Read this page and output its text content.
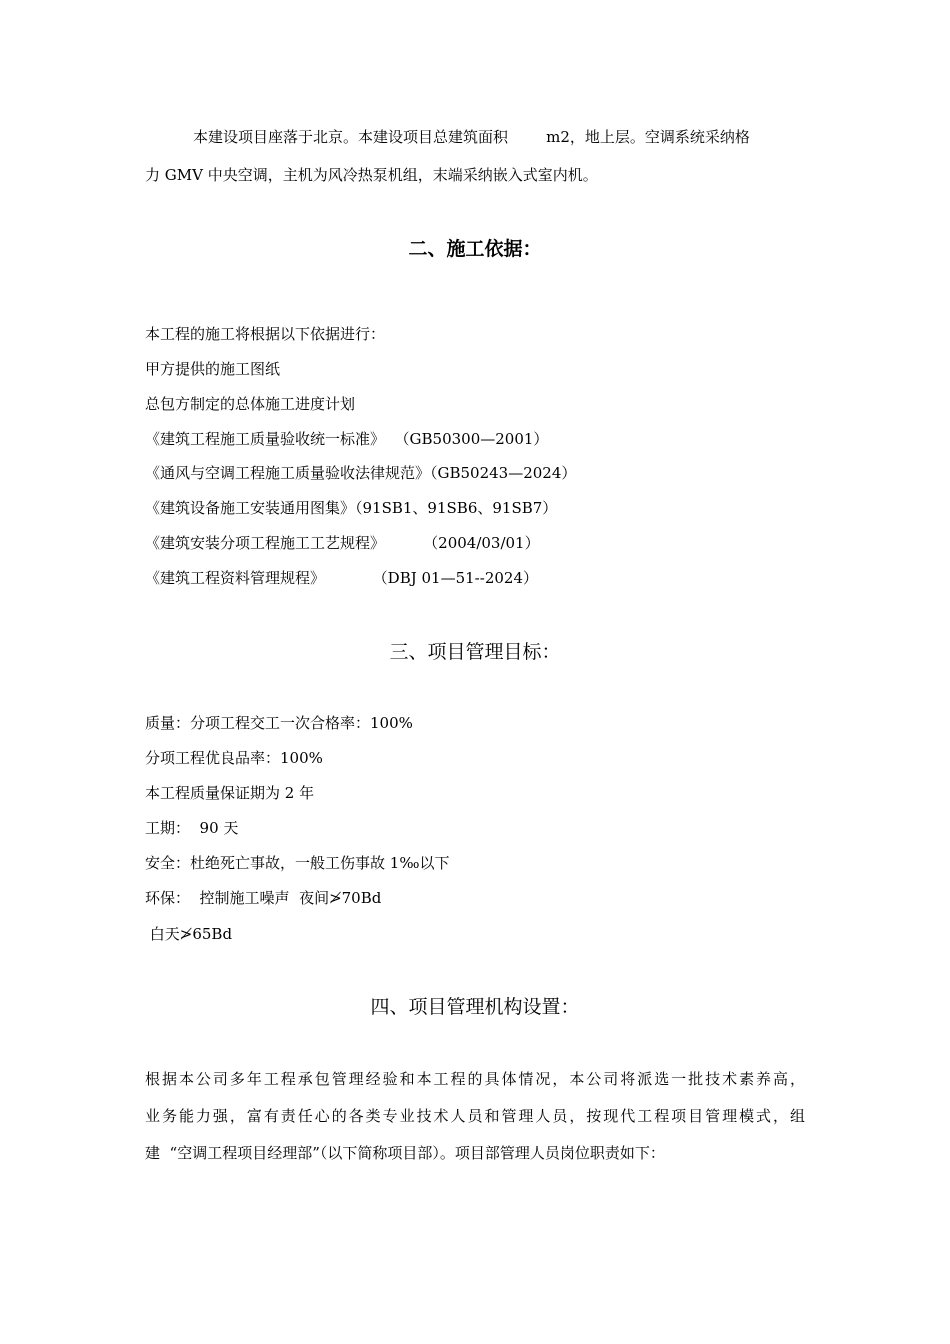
本建设项目座落于北京。本建设项目总建筑面积        m2，地上层。空调系统采纳格
力 GMV 中央空调，主机为风冷热泵机组，末端采纳嵌入式室内机。
二、施工依据：
本工程的施工将根据以下依据进行：
甲方提供的施工图纸
总包方制定的总体施工进度计划
《建筑工程施工质量验收统一标准》  （GB50300—2001）
《通风与空调工程施工质量验收法律规范》（GB50243—2024）
《建筑设备施工安装通用图集》（91SB1、91SB6、91SB7）
《建筑安装分项工程施工工艺规程》        （2004/03/01）
《建筑工程资料管理规程》          （DBJ 01—51--2024）
三、项目管理目标：
质量：分项工程交工一次合格率：100%
分项工程优良品率：100%
本工程质量保证期为 2 年
工期：  90 天
安全：杜绝死亡事故，一般工伤事故 1‰以下
环保：  控制施工噪声  夜间≯70Bd
白天≯65Bd
四、项目管理机构设置：
根据本公司多年工程承包管理经验和本工程的具体情况，本公司将派选一批技术素养高，
业务能力强，富有责任心的各类专业技术人员和管理人员，按现代工程项目管理模式，组
建  “空调工程项目经理部”（以下简称项目部）。项目部管理人员岗位职责如下：
